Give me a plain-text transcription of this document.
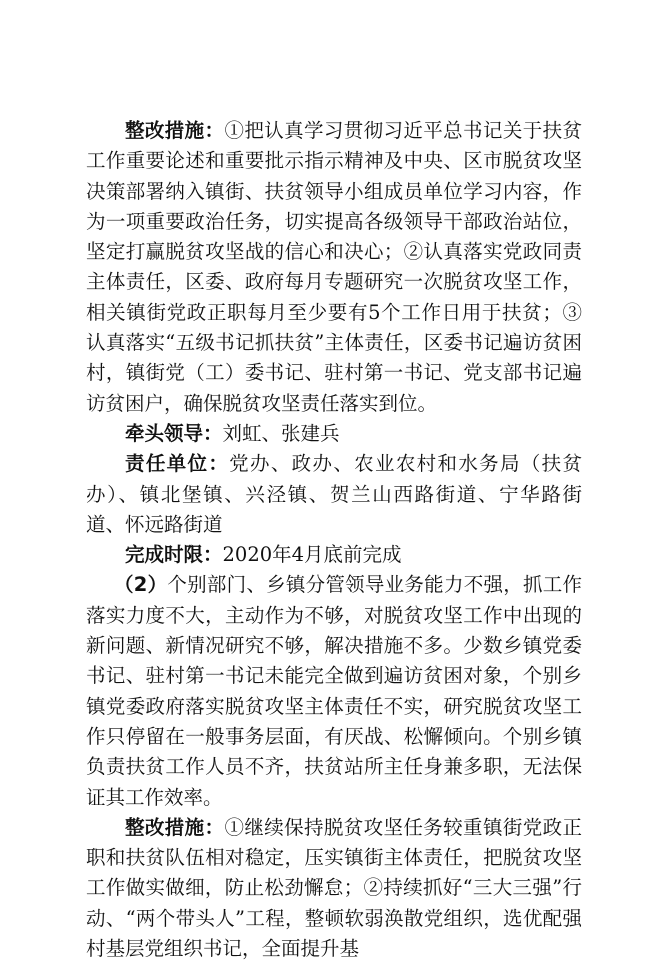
整改措施：①把认真学习贯彻习近平总书记关于扶贫工作重要论述和重要批示指示精神及中央、区市脱贫攻坚决策部署纳入镇街、扶贫领导小组成员单位学习内容，作为一项重要政治任务，切实提高各级领导干部政治站位，坚定打赢脱贫攻坚战的信心和决心；②认真落实党政同责主体责任，区委、政府每月专题研究一次脱贫攻坚工作，相关镇街党政正职每月至少要有5个工作日用于扶贫；③认真落实“五级书记抓扶贫”主体责任，区委书记遍访贫困村，镇街党（工）委书记、驻村第一书记、党支部书记遍访贫困户，确保脱贫攻坚责任落实到位。

牵头领导：刘虹、张建兵

责任单位：党办、政办、农业农村和水务局（扶贫办）、镇北堡镇、兴泾镇、贺兰山西路街道、宁华路街道、怀远路街道

完成时限：2020年4月底前完成

（2）个别部门、乡镇分管领导业务能力不强，抓工作落实力度不大，主动作为不够，对脱贫攻坚工作中出现的新问题、新情况研究不够，解决措施不多。少数乡镇党委书记、驻村第一书记未能完全做到遍访贫困对象，个别乡镇党委政府落实脱贫攻坚主体责任不实，研究脱贫攻坚工作只停留在一般事务层面，有厌战、松懈倾向。个别乡镇负责扶贫工作人员不齐，扶贫站所主任身兼多职，无法保证其工作效率。

整改措施：①继续保持脱贫攻坚任务较重镇街党政正职和扶贫队伍相对稳定，压实镇街主体责任，把脱贫攻坚工作做实做细，防止松劲懈怠；②持续抓好“三大三强”行动、“两个带头人”工程，整顿软弱涣散党组织，选优配强村基层党组织书记，全面提升基
